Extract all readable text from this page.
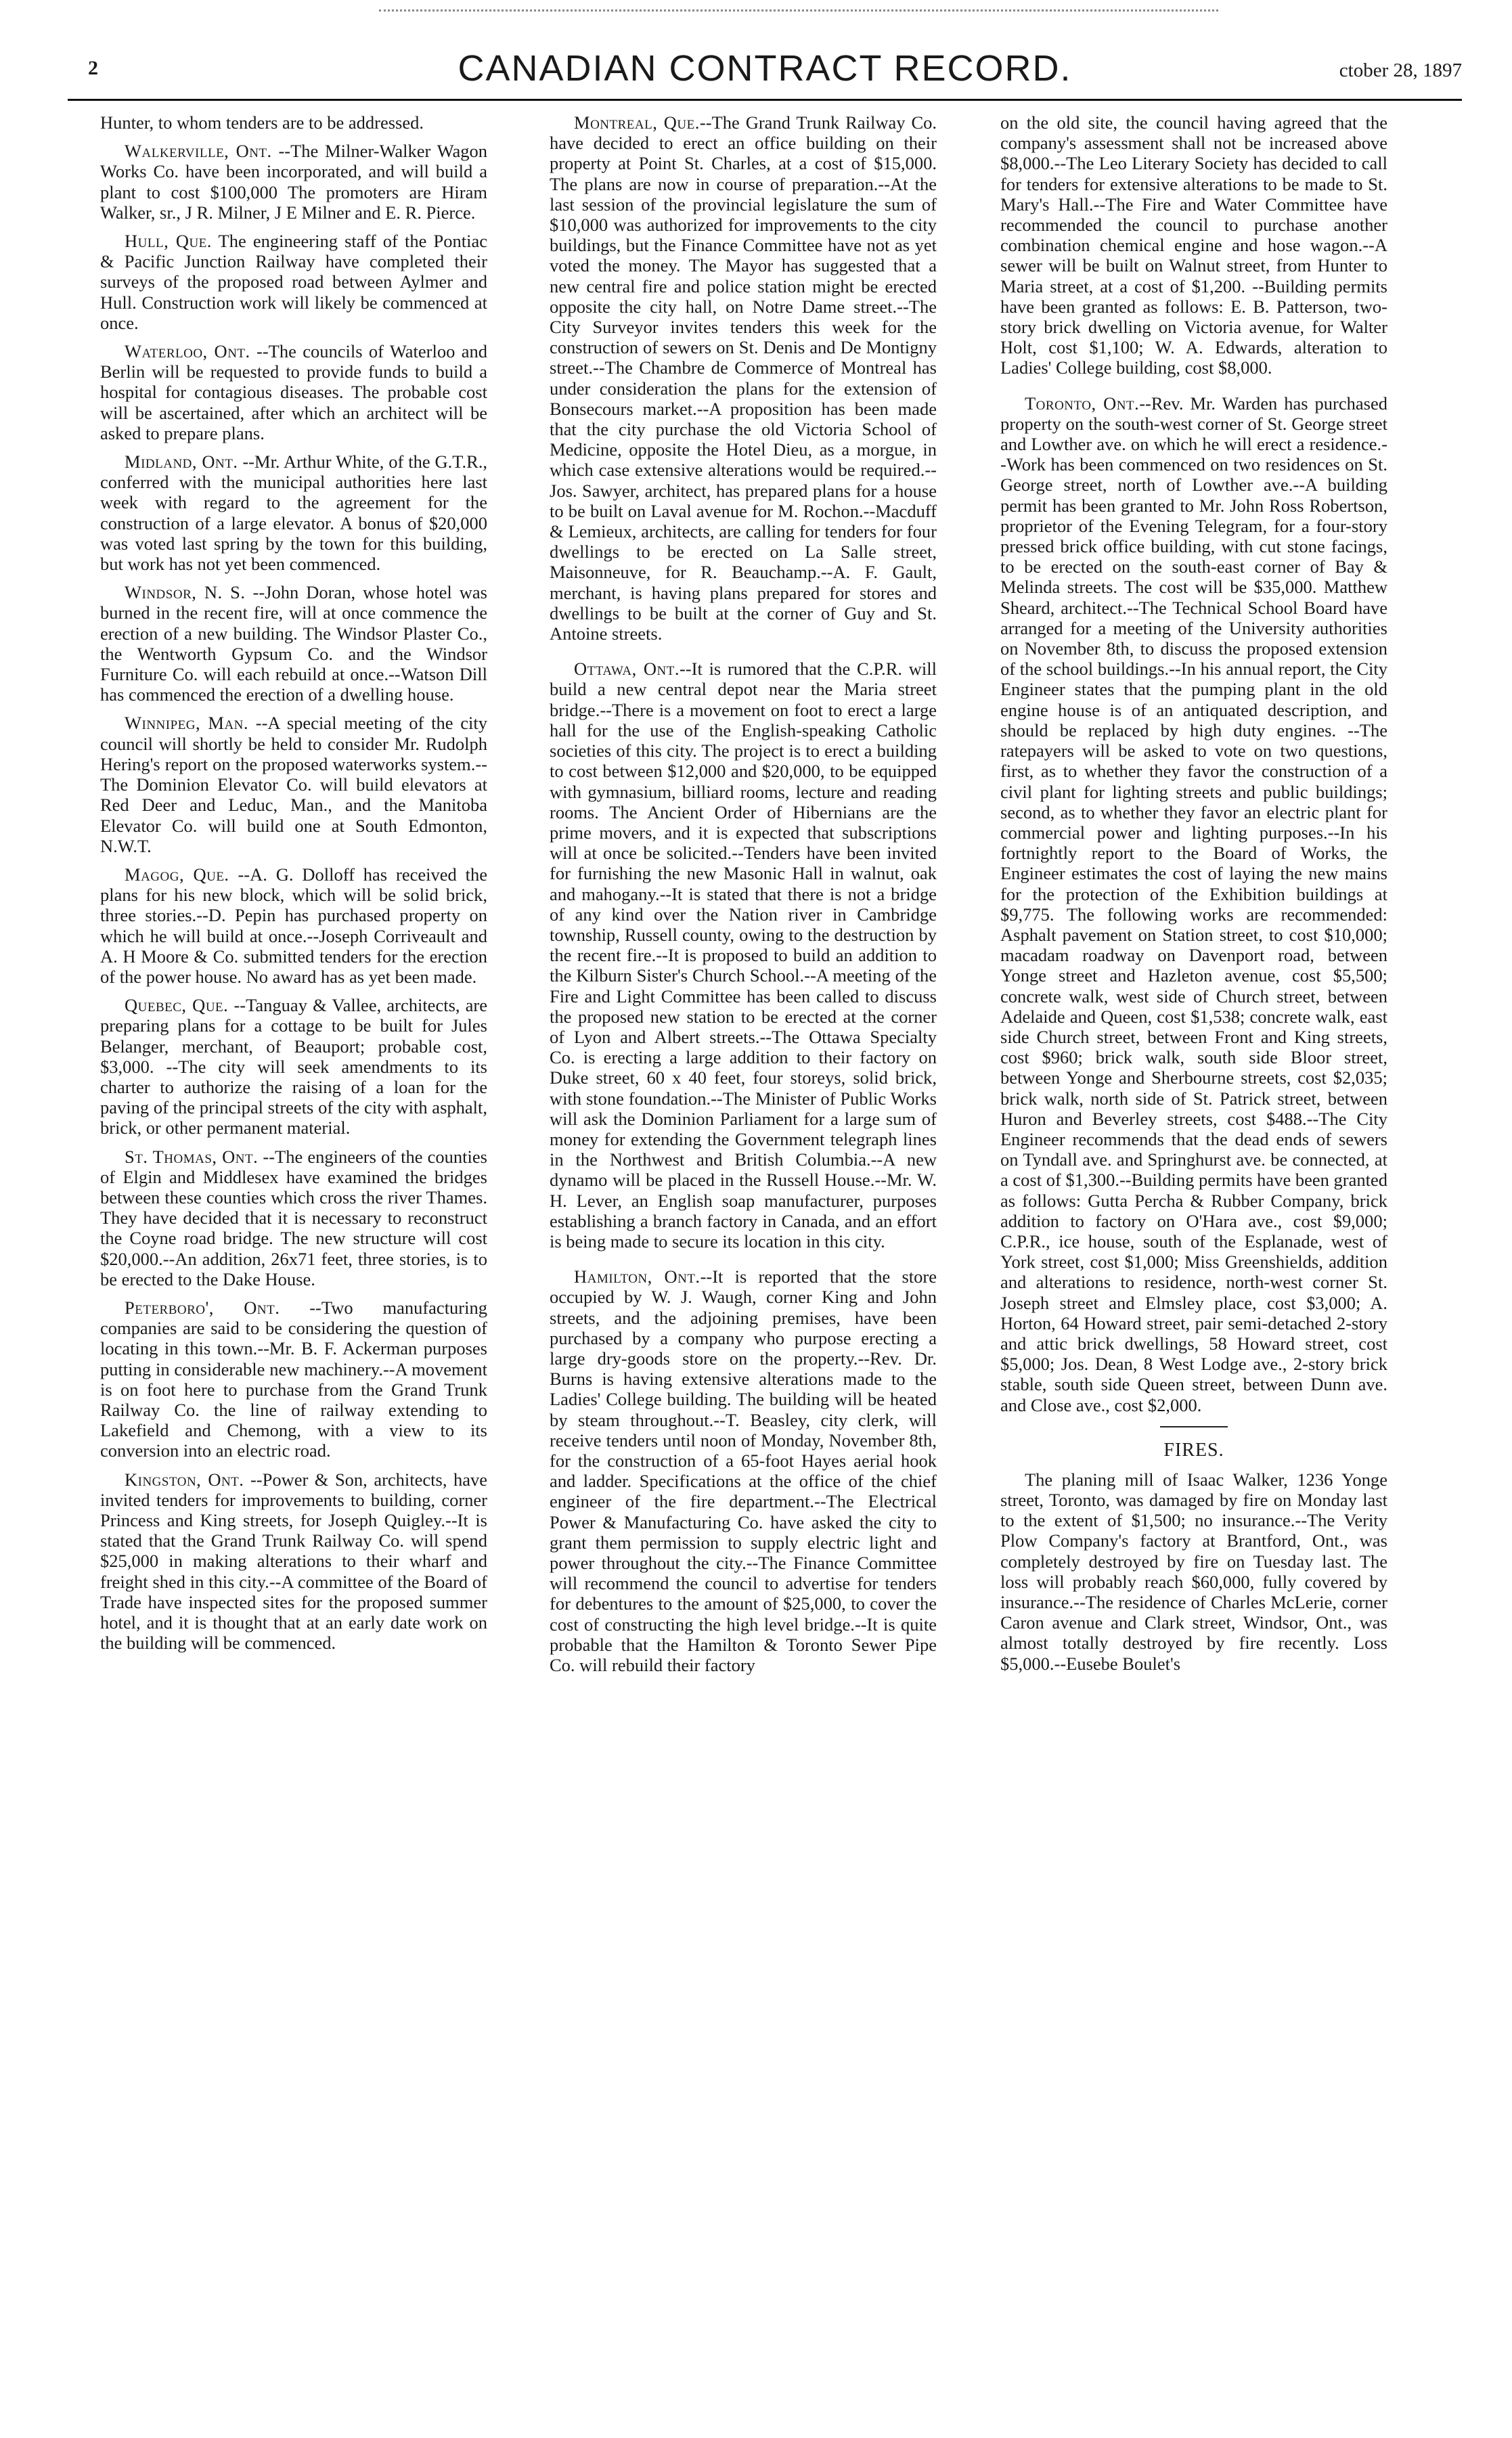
2	CANADIAN CONTRACT RECORD.	ctober 28, 1897

Hunter, to whom tenders are to be addressed.

Walkerville, Ont. --The Milner-Walker Wagon Works Co. have been incorporated, and will build a plant to cost $100,000 The promoters are Hiram Walker, sr., J R. Milner, J E Milner and E. R. Pierce.

Hull, Que. The engineering staff of the Pontiac & Pacific Junction Railway have completed their surveys of the proposed road between Aylmer and Hull. Construction work will likely be commenced at once.

Waterloo, Ont. --The councils of Waterloo and Berlin will be requested to provide funds to build a hospital for contagious diseases. The probable cost will be ascertained, after which an architect will be asked to prepare plans.

Midland, Ont. --Mr. Arthur White, of the G.T.R., conferred with the municipal authorities here last week with regard to the agreement for the construction of a large elevator. A bonus of $20,000 was voted last spring by the town for this building, but work has not yet been commenced.

Windsor, N. S. --John Doran, whose hotel was burned in the recent fire, will at once commence the erection of a new building. The Windsor Plaster Co., the Wentworth Gypsum Co. and the Windsor Furniture Co. will each rebuild at once.--Watson Dill has commenced the erection of a dwelling house.

Winnipeg, Man. --A special meeting of the city council will shortly be held to consider Mr. Rudolph Hering's report on the proposed waterworks system.--The Dominion Elevator Co. will build elevators at Red Deer and Leduc, Man., and the Manitoba Elevator Co. will build one at South Edmonton, N.W.T.

Magog, Que. --A. G. Dolloff has received the plans for his new block, which will be solid brick, three stories.--D. Pepin has purchased property on which he will build at once.--Joseph Corriveault and A. H Moore & Co. submitted tenders for the erection of the power house. No award has as yet been made.

Quebec, Que. --Tanguay & Vallee, architects, are preparing plans for a cottage to be built for Jules Belanger, merchant, of Beauport; probable cost, $3,000. --The city will seek amendments to its charter to authorize the raising of a loan for the paving of the principal streets of the city with asphalt, brick, or other permanent material.

St. Thomas, Ont. --The engineers of the counties of Elgin and Middlesex have examined the bridges between these counties which cross the river Thames. They have decided that it is necessary to reconstruct the Coyne road bridge. The new structure will cost $20,000.--An addition, 26x71 feet, three stories, is to be erected to the Dake House.

Peterboro', Ont. --Two manufacturing companies are said to be considering the question of locating in this town.--Mr. B. F. Ackerman purposes putting in considerable new machinery.--A movement is on foot here to purchase from the Grand Trunk Railway Co. the line of railway extending to Lakefield and Chemong, with a view to its conversion into an electric road.

Kingston, Ont. --Power & Son, architects, have invited tenders for improvements to building, corner Princess and King streets, for Joseph Quigley.--It is stated that the Grand Trunk Railway Co. will spend $25,000 in making alterations to their wharf and freight shed in this city.--A committee of the Board of Trade have inspected sites for the proposed summer hotel, and it is thought that at an early date work on the building will be commenced.

Montreal, Que.--The Grand Trunk Railway Co. have decided to erect an office building on their property at Point St. Charles, at a cost of $15,000. The plans are now in course of preparation.--At the last session of the provincial legislature the sum of $10,000 was authorized for improvements to the city buildings, but the Finance Committee have not as yet voted the money. The Mayor has suggested that a new central fire and police station might be erected opposite the city hall, on Notre Dame street.--The City Surveyor invites tenders this week for the construction of sewers on St. Denis and De Montigny street.--The Chambre de Commerce of Montreal has under consideration the plans for the extension of Bonsecours market.--A proposition has been made that the city purchase the old Victoria School of Medicine, opposite the Hotel Dieu, as a morgue, in which case extensive alterations would be required.--Jos. Sawyer, architect, has prepared plans for a house to be built on Laval avenue for M. Rochon.--Macduff & Lemieux, architects, are calling for tenders for four dwellings to be erected on La Salle street, Maisonneuve, for R. Beauchamp.--A. F. Gault, merchant, is having plans prepared for stores and dwellings to be built at the corner of Guy and St. Antoine streets.

Ottawa, Ont.--It is rumored that the C.P.R. will build a new central depot near the Maria street bridge.--There is a movement on foot to erect a large hall for the use of the English-speaking Catholic societies of this city. The project is to erect a building to cost between $12,000 and $20,000, to be equipped with gymnasium, billiard rooms, lecture and reading rooms. The Ancient Order of Hibernians are the prime movers, and it is expected that subscriptions will at once be solicited.--Tenders have been invited for furnishing the new Masonic Hall in walnut, oak and mahogany.--It is stated that there is not a bridge of any kind over the Nation river in Cambridge township, Russell county, owing to the destruction by the recent fire.--It is proposed to build an addition to the Kilburn Sister's Church School.--A meeting of the Fire and Light Committee has been called to discuss the proposed new station to be erected at the corner of Lyon and Albert streets.--The Ottawa Specialty Co. is erecting a large addition to their factory on Duke street, 60 x 40 feet, four storeys, solid brick, with stone foundation.--The Minister of Public Works will ask the Dominion Parliament for a large sum of money for extending the Government telegraph lines in the Northwest and British Columbia.--A new dynamo will be placed in the Russell House.--Mr. W. H. Lever, an English soap manufacturer, purposes establishing a branch factory in Canada, and an effort is being made to secure its location in this city.

Hamilton, Ont.--It is reported that the store occupied by W. J. Waugh, corner King and John streets, and the adjoining premises, have been purchased by a company who purpose erecting a large dry-goods store on the property.--Rev. Dr. Burns is having extensive alterations made to the Ladies' College building. The building will be heated by steam throughout.--T. Beasley, city clerk, will receive tenders until noon of Monday, November 8th, for the construction of a 65-foot Hayes aerial hook and ladder. Specifications at the office of the chief engineer of the fire department.--The Electrical Power & Manufacturing Co. have asked the city to grant them permission to supply electric light and power throughout the city.--The Finance Committee will recommend the council to advertise for tenders for debentures to the amount of $25,000, to cover the cost of constructing the high level bridge.--It is quite probable that the Hamilton & Toronto Sewer Pipe Co. will rebuild their factory

on the old site, the council having agreed that the company's assessment shall not be increased above $8,000.--The Leo Literary Society has decided to call for tenders for extensive alterations to be made to St. Mary's Hall.--The Fire and Water Committee have recommended the council to purchase another combination chemical engine and hose wagon.--A sewer will be built on Walnut street, from Hunter to Maria street, at a cost of $1,200. --Building permits have been granted as follows: E. B. Patterson, two-story brick dwelling on Victoria avenue, for Walter Holt, cost $1,100; W. A. Edwards, alteration to Ladies' College building, cost $8,000.

Toronto, Ont.--Rev. Mr. Warden has purchased property on the south-west corner of St. George street and Lowther ave. on which he will erect a residence.--Work has been commenced on two residences on St. George street, north of Lowther ave.--A building permit has been granted to Mr. John Ross Robertson, proprietor of the Evening Telegram, for a four-story pressed brick office building, with cut stone facings, to be erected on the south-east corner of Bay & Melinda streets. The cost will be $35,000. Matthew Sheard, architect.--The Technical School Board have arranged for a meeting of the University authorities on November 8th, to discuss the proposed extension of the school buildings.--In his annual report, the City Engineer states that the pumping plant in the old engine house is of an antiquated description, and should be replaced by high duty engines. --The ratepayers will be asked to vote on two questions, first, as to whether they favor the construction of a civil plant for lighting streets and public buildings; second, as to whether they favor an electric plant for commercial power and lighting purposes.--In his fortnightly report to the Board of Works, the Engineer estimates the cost of laying the new mains for the protection of the Exhibition buildings at $9,775. The following works are recommended: Asphalt pavement on Station street, to cost $10,000; macadam roadway on Davenport road, between Yonge street and Hazleton avenue, cost $5,500; concrete walk, west side of Church street, between Adelaide and Queen, cost $1,538; concrete walk, east side Church street, between Front and King streets, cost $960; brick walk, south side Bloor street, between Yonge and Sherbourne streets, cost $2,035; brick walk, north side of St. Patrick street, between Huron and Beverley streets, cost $488.--The City Engineer recommends that the dead ends of sewers on Tyndall ave. and Springhurst ave. be connected, at a cost of $1,300.--Building permits have been granted as follows: Gutta Percha & Rubber Company, brick addition to factory on O'Hara ave., cost $9,000; C.P.R., ice house, south of the Esplanade, west of York street, cost $1,000; Miss Greenshields, addition and alterations to residence, north-west corner St. Joseph street and Elmsley place, cost $3,000; A. Horton, 64 Howard street, pair semi-detached 2-story and attic brick dwellings, 58 Howard street, cost $5,000; Jos. Dean, 8 West Lodge ave., 2-story brick stable, south side Queen street, between Dunn ave. and Close ave., cost $2,000.

FIRES.

The planing mill of Isaac Walker, 1236 Yonge street, Toronto, was damaged by fire on Monday last to the extent of $1,500; no insurance.--The Verity Plow Company's factory at Brantford, Ont., was completely destroyed by fire on Tuesday last. The loss will probably reach $60,000, fully covered by insurance.--The residence of Charles McLerie, corner Caron avenue and Clark street, Windsor, Ont., was almost totally destroyed by fire recently. Loss $5,000.--Eusebe Boulet's
